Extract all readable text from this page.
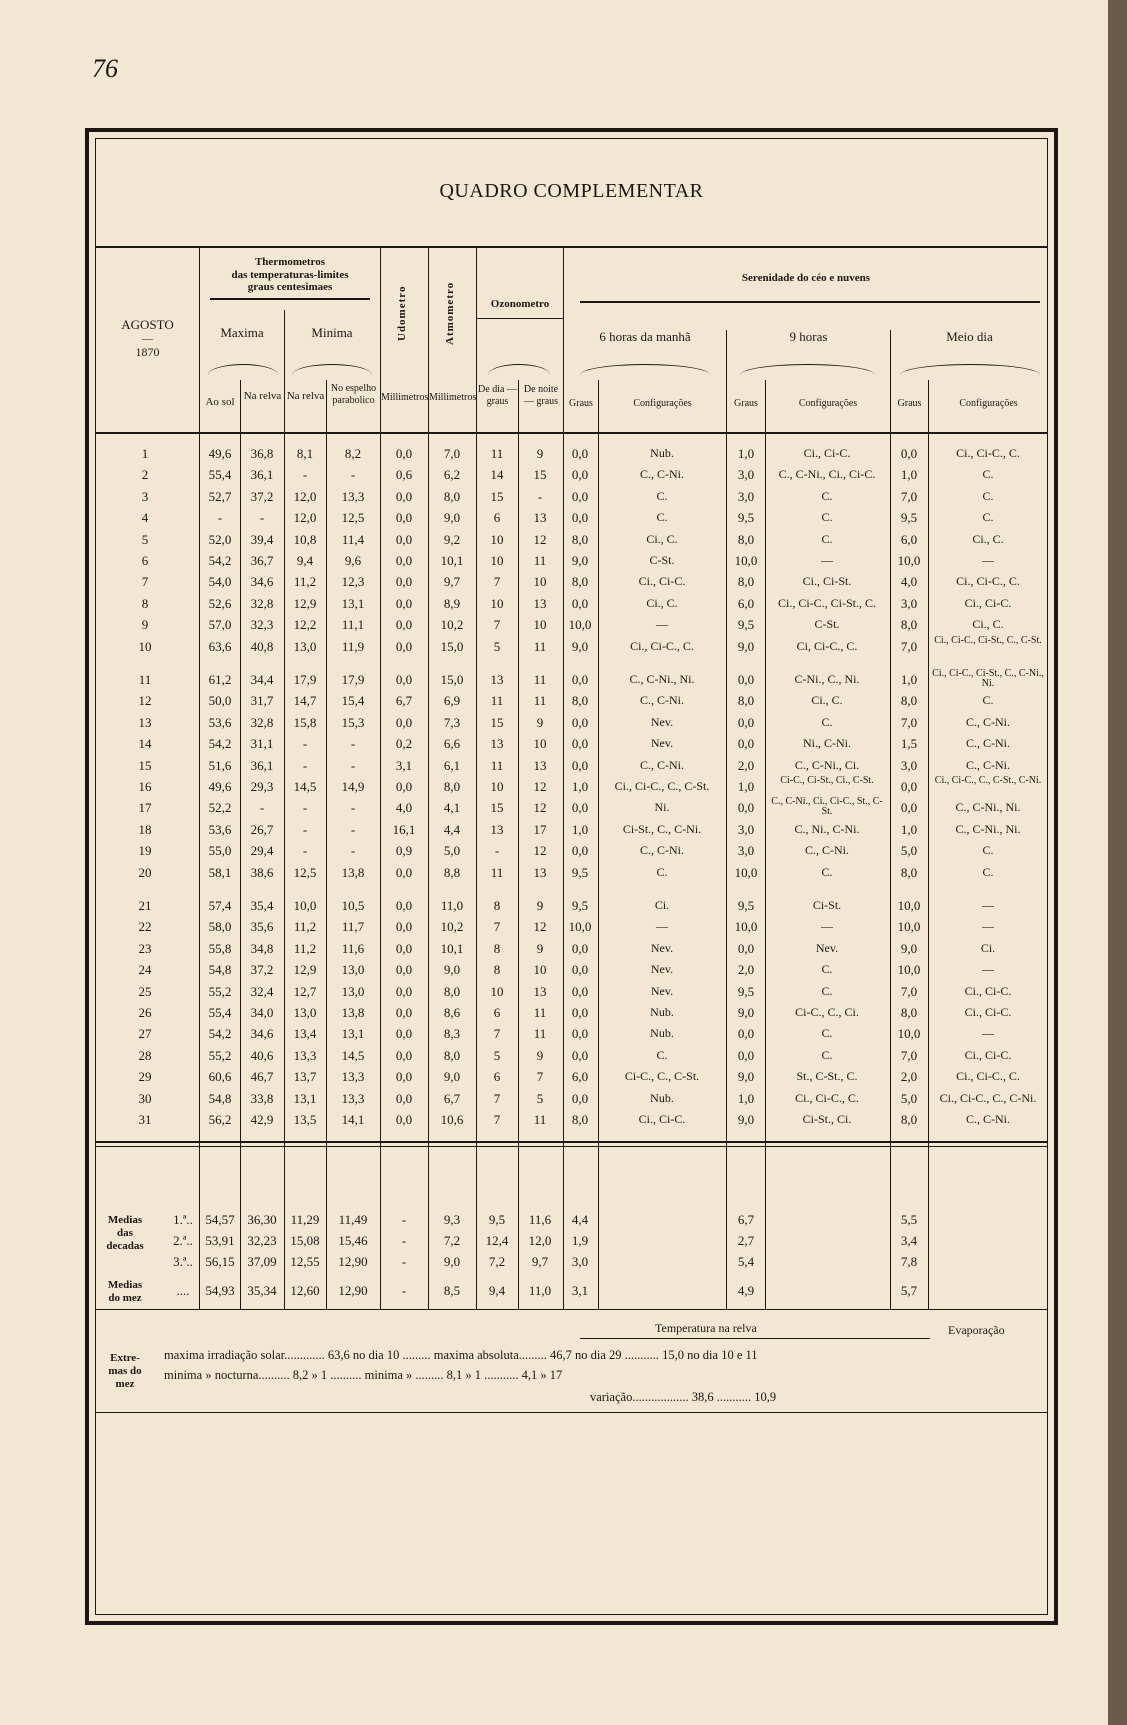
76
QUADRO COMPLEMENTAR
AGOSTO
—
1870
Thermometros
das temperaturas-limites
graus centesimaes
Maxima	Minima
Ao sol Na relva Na relva
No espelho parabolico
Udometro	Atmometro
Millimetros Millimetros
Ozonometro
De dia — graus
De noite — graus
Serenidade do céo e nuvens
6 horas da manhã	9 horas	Meio dia
Graus	Configurações	Graus	Configurações	Graus	Configurações
1	49,6	36,8	8,1	8,2	0,0	7,0	11	9	0,0	Nub.	1,0	Ci., Ci-C.	0,0	Ci., Ci-C., C.
2	55,4	36,1	-	-	0,6	6,2	14	15	0,0	C., C-Ni.	3,0	C., C-Ni., Ci., Ci-C.	1,0	C.
3	52,7	37,2	12,0	13,3	0,0	8,0	15	-	0,0	C.	3,0	C.	7,0	C.
4	-	-	12,0	12,5	0,0	9,0	6	13	0,0	C.	9,5	C.	9,5	C.
5	52,0	39,4	10,8	11,4	0,0	9,2	10	12	8,0	Ci., C.	8,0	C.	6,0	Ci., C.
6	54,2	36,7	9,4	9,6	0,0	10,1	10	11	9,0	C-St.	10,0	—	10,0	—
7	54,0	34,6	11,2	12,3	0,0	9,7	7	10	8,0	Ci., Ci-C.	8,0	Ci., Ci-St.	4,0	Ci., Ci-C., C.
8	52,6	32,8	12,9	13,1	0,0	8,9	10	13	0,0	Ci., C.	6,0	Ci., Ci-C., Ci-St., C.	3,0	Ci., Ci-C.
9	57,0	32,3	12,2	11,1	0,0	10,2	7	10	10,0	—	9,5	C-St.	8,0	Ci., C.
10	63,6	40,8	13,0	11,9	0,0	15,0	5	11	9,0	Ci., Ci-C., C.	9,0	Ci, Ci-C., C.	7,0	Ci., Ci-C., Ci-St., C., C-St.
11	61,2	34,4	17,9	17,9	0,0	15,0	13	11	0,0	C., C-Ni., Ni.	0,0	C-Ni., C., Ni.	1,0	Ci., Ci-C., Ci-St., C., C-Ni., Ni.
12	50,0	31,7	14,7	15,4	6,7	6,9	11	11	8,0	C., C-Ni.	8,0	Ci., C.	8,0	C.
13	53,6	32,8	15,8	15,3	0,0	7,3	15	9	0,0	Nev.	0,0	C.	7,0	C., C-Ni.
14	54,2	31,1	-	-	0,2	6,6	13	10	0,0	Nev.	0,0	Ni., C-Ni.	1,5	C., C-Ni.
15	51,6	36,1	-	-	3,1	6,1	11	13	0,0	C., C-Ni.	2,0	C., C-Ni., Ci.	3,0	C., C-Ni.
16	49,6	29,3	14,5	14,9	0,0	8,0	10	12	1,0	Ci., Ci-C., C., C-St.	1,0	Ci-C., Ci-St., Ci., C-St.	0,0	Ci., Ci-C., C., C-St., C-Ni.
17	52,2	-	-	-	4,0	4,1	15	12	0,0	Ni.	0,0	C., C-Ni., Ci., Ci-C., St., C-St.	0,0	C., C-Ni., Ni.
18	53,6	26,7	-	-	16,1	4,4	13	17	1,0	Ci-St., C., C-Ni.	3,0	C., Ni., C-Ni.	1,0	C., C-Ni., Ni.
19	55,0	29,4	-	-	0,9	5,0	-	12	0,0	C., C-Ni.	3,0	C., C-Ni.	5,0	C.
20	58,1	38,6	12,5	13,8	0,0	8,8	11	13	9,5	C.	10,0	C.	8,0	C.
21	57,4	35,4	10,0	10,5	0,0	11,0	8	9	9,5	Ci.	9,5	Ci-St.	10,0	—
22	58,0	35,6	11,2	11,7	0,0	10,2	7	12	10,0	—	10,0	—	10,0	—
23	55,8	34,8	11,2	11,6	0,0	10,1	8	9	0,0	Nev.	0,0	Nev.	9,0	Ci.
24	54,8	37,2	12,9	13,0	0,0	9,0	8	10	0,0	Nev.	2,0	C.	10,0	—
25	55,2	32,4	12,7	13,0	0,0	8,0	10	13	0,0	Nev.	9,5	C.	7,0	Ci., Ci-C.
26	55,4	34,0	13,0	13,8	0,0	8,6	6	11	0,0	Nub.	9,0	Ci-C., C., Ci.	8,0	Ci., Ci-C.
27	54,2	34,6	13,4	13,1	0,0	8,3	7	11	0,0	Nub.	0,0	C.	10,0	—
28	55,2	40,6	13,3	14,5	0,0	8,0	5	9	0,0	C.	0,0	C.	7,0	Ci., Ci-C.
29	60,6	46,7	13,7	13,3	0,0	9,0	6	7	6,0	Ci-C., C., C-St.	9,0	St., C-St., C.	2,0	Ci., Ci-C., C.
30	54,8	33,8	13,1	13,3	0,0	6,7	7	5	0,0	Nub.	1,0	Ci., Ci-C., C.	5,0	Ci., Ci-C., C., C-Ni.
31	56,2	42,9	13,5	14,1	0,0	10,6	7	11	8,0	Ci., Ci-C.	9,0	Ci-St., Ci.	8,0	C., C-Ni.
Medias
das
decadas
Medias
do mez
1.ª.. 54,57 36,30	11,29	11,49	-	9,3	9,5	11,6	4,4	6,7	5,5
2.ª.. 53,91 32,23	15,08	15,46	-	7,2	12,4	12,0	1,9	2,7	3,4
3.ª.. 56,15 37,09	12,55	12,90	-	9,0	7,2	9,7	3,0	5,4	7,8
....	54,93 35,34	12,60	12,90	-	8,5	9,4	11,0	3,1	4,9	5,7
Extre-
mas do
mez
Temperatura na relva	Evaporação
maxima irradiação solar............. 63,6 no dia 10 ......... maxima absoluta......... 46,7 no dia 29 ........... 15,0 no dia 10 e 11
minima » nocturna.......... 8,2 » 1 .......... minima » ......... 8,1 » 1 ........... 4,1 » 17
variação.................. 38,6 ........... 10,9
